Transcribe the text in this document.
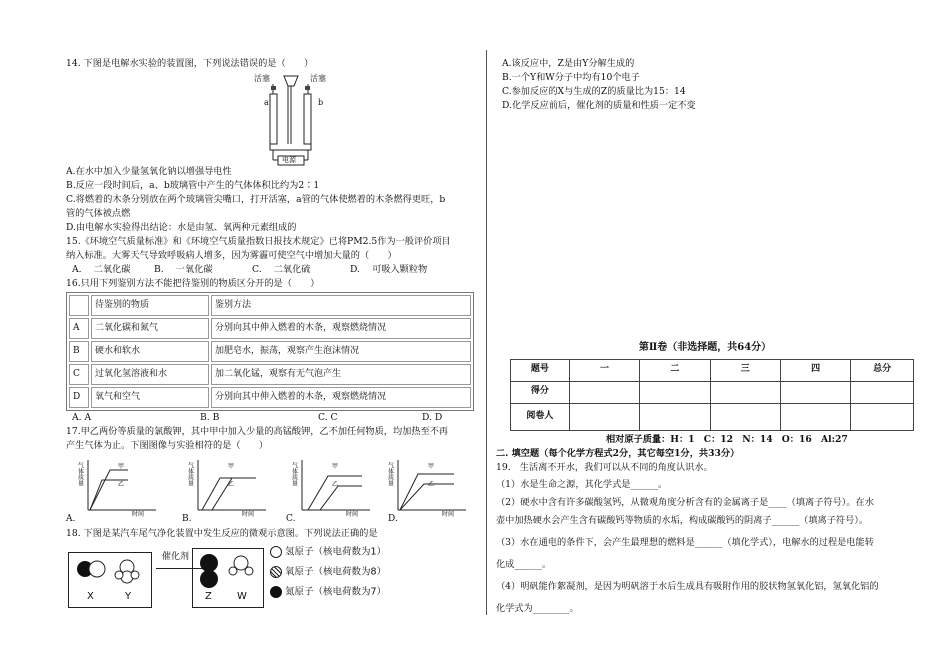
14. 下图是电解水实验的装置图，下列说法错误的是（　　）

活塞	活塞
a	b
电源

A.在水中加入少量氢氧化钠以增强导电性

B.反应一段时间后，a、b玻璃管中产生的气体体积比约为2∶1

C.将燃着的木条分别放在两个玻璃管尖嘴口，打开活塞，a管的气体使燃着的木条燃得更旺，b

管的气体被点燃

D.由电解水实验得出结论：水是由氢、氧两种元素组成的

15.《环境空气质量标准》和《环境空气质量指数日报技术规定》已将PM2.5作为一般评价项目

纳入标准。大雾天气导致呼吸病人增多，因为雾霾可使空气中增加大量的（　　）

A.　 二氧化碳	B.　 一氧化碳	C.　 二氧化硫	D.　 可吸入颗粒物

16.只用下列鉴别方法不能把待鉴别的物质区分开的是（　　）

	待鉴别的物质	鉴别方法
A	二氧化碳和氮气	分别向其中伸入燃着的木条，观察燃烧情况
B	硬水和软水	加肥皂水，振荡，观察产生泡沫情况
C	过氧化氢溶液和水	加二氧化锰，观察有无气泡产生
D	氧气和空气	分别向其中伸入燃着的木条，观察燃烧情况
A. A	B. B	C. C	D. D

17.甲乙两份等质量的氯酸钾，其中甲中加入少量的高锰酸钾，乙不加任何物质，均加热至不再

产生气体为止。下图图像与实验相符的是（　　）

气体质量
时间
甲
乙
A.
气体质量
时间
甲
乙
B.
气体质量
时间
甲
乙
C.
气体质量
时间
甲
乙
D.

18. 下图是某汽车尾气净化装置中发生反应的微观示意图。下列说法正确的是

X	Y
催化剂
Z	W
氢原子（核电荷数为1）
氧原子（核电荷数为8）
氮原子（核电荷数为7）

A.该反应中，Z是由Y分解生成的

B.一个Y和W分子中均有10个电子

C.参加反应的X与生成的Z的质量比为15：14

D.化学反应前后，催化剂的质量和性质一定不变

第Ⅱ卷（非选择题，共64分）

题号	一	二	三	四	总分
得分					
阅卷人					

相对原子质量：H：1　C：12　N：14　O：16　Al:27

二. 填空题（每个化学方程式2分，其它每空1分，共33分）

19.　生活离不开水，我们可以从不同的角度认识水。

（1）水是生命之源，其化学式是______。

（2）硬水中含有许多碳酸氢钙，从微观角度分析含有的金属离子是____（填离子符号）。在水

壶中加热硬水会产生含有碳酸钙等物质的水垢，构成碳酸钙的阴离子______（填离子符号）。

（3）水在通电的条件下，会产生最理想的燃料是______（填化学式），电解水的过程是电能转

化成______。

（4）明矾能作絮凝剂，是因为明矾溶于水后生成具有吸附作用的胶状物氢氧化铝，氢氧化铝的

化学式为________。
